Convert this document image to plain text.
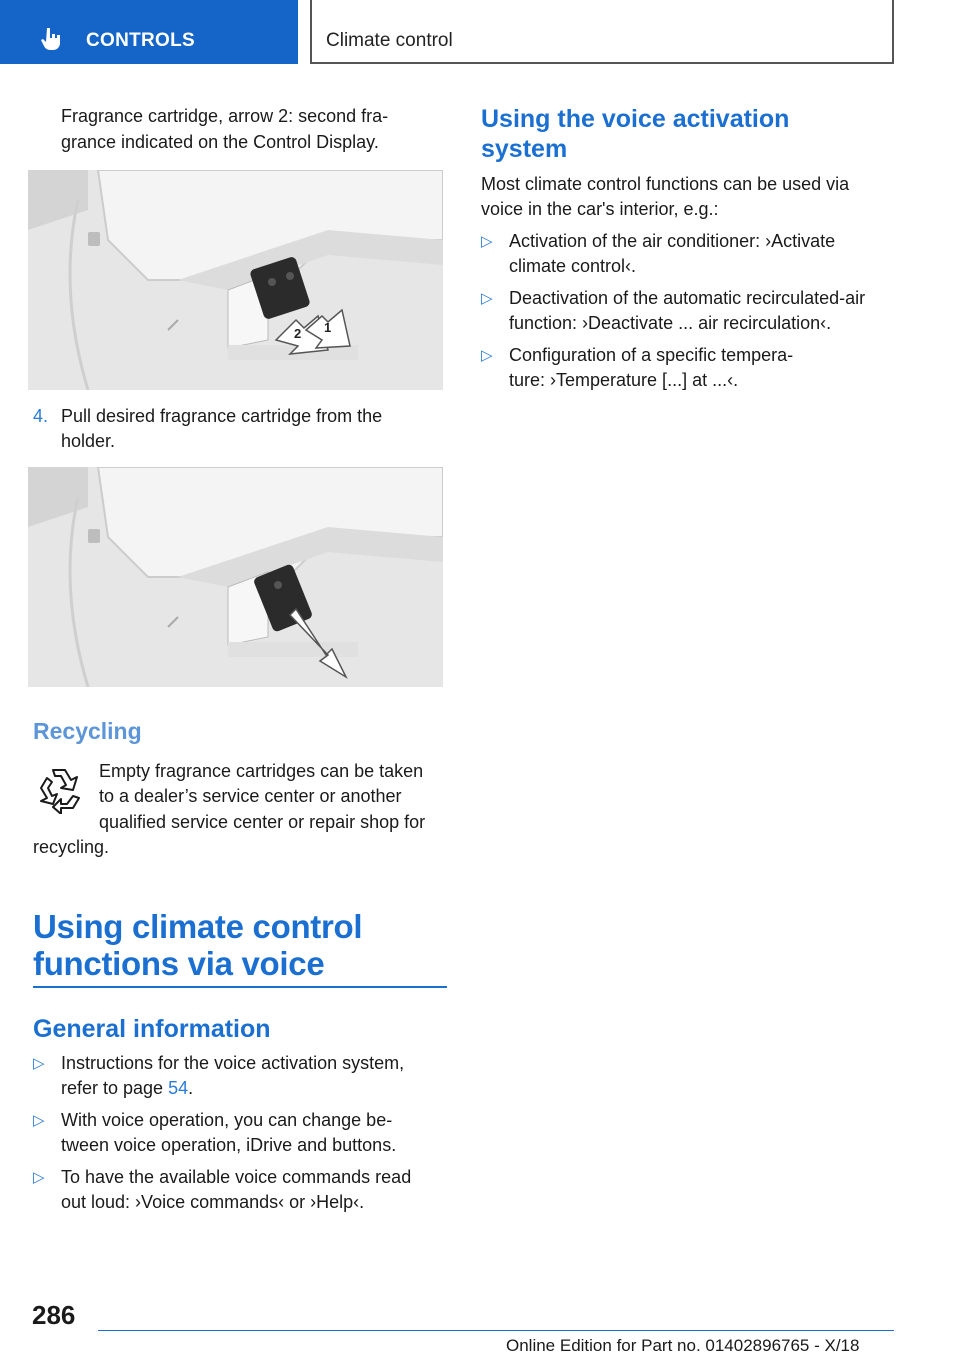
CONTROLS	Climate control
Fragrance cartridge, arrow 2: second fra-
grance indicated on the Control Display.
2 1
4. Pull desired fragrance cartridge from the
holder.
Recycling
Empty fragrance cartridges can be taken
to a dealer’s service center or another
qualified service center or repair shop for
recycling.
Using climate control
functions via voice
General information
▷ Instructions for the voice activation system,
refer to page 54.
▷ With voice operation, you can change be-
tween voice operation, iDrive and buttons.
▷ To have the available voice commands read
out loud: ›Voice commands‹ or ›Help‹.
Using the voice activation
system
Most climate control functions can be used via
voice in the car's interior, e.g.:
▷ Activation of the air conditioner: ›Activate
climate control‹.
▷ Deactivation of the automatic recirculated-air
function: ›Deactivate ... air recirculation‹.
▷ Configuration of a specific tempera-
ture: ›Temperature [...] at ...‹.
286
Online Edition for Part no. 01402896765 - X/18
